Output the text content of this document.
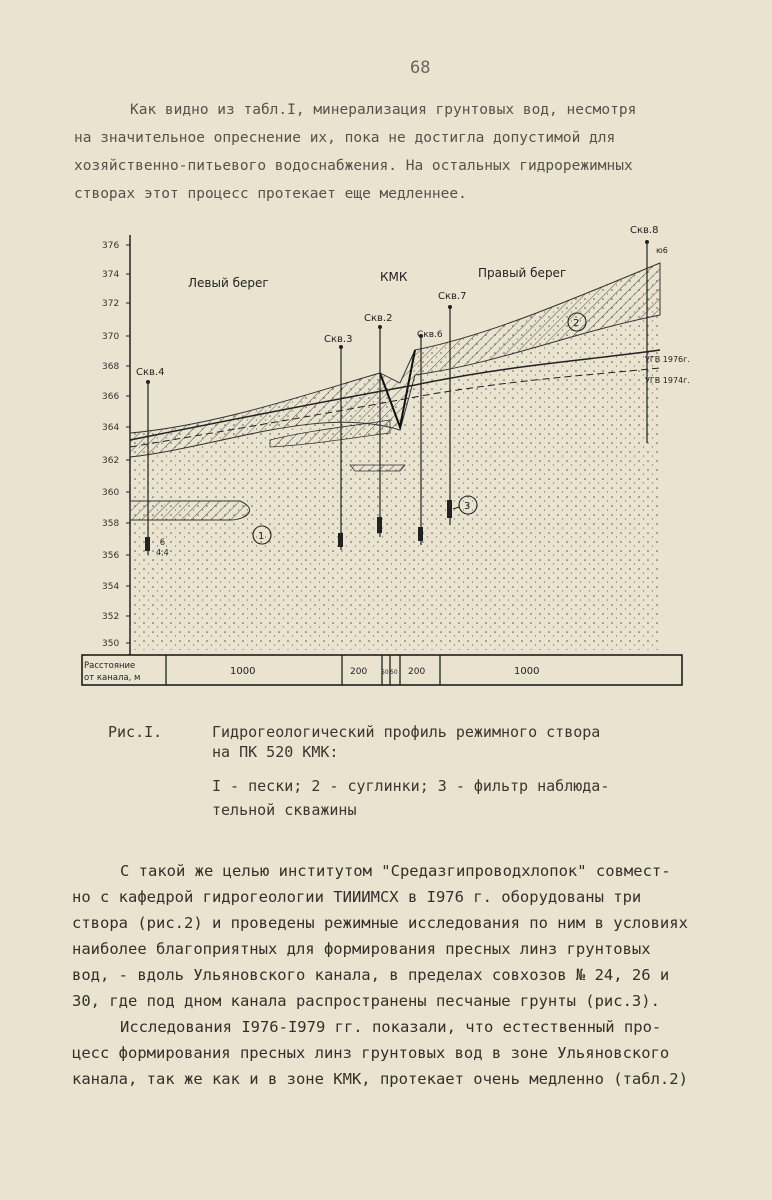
68
Как видно из табл.I, минерализация грунтовых вод, несмотря
на значительное опреснение их, пока не достигла допустимой для
хозяйственно-питьевого водоснабжения. На остальных гидрорежимных
створах этот процесс протекает еще медленнее.
376
374
372
370
368
366
364
362
360
358
356
354
352
350
Скв.4
б
4,4
Скв.3
Скв.2
Скв.6
Скв.7
Скв.8
ю6
Левый берег	КМК	Правый берег
УГВ 1976г.
УГВ 1974г.
1
2
3
Расстояние
от канала, м
1000	200 50 50 200	1000
Рис.I.	Гидрогеологический профиль режимного створа
на ПК 520 КМК:
I - пески; 2 - суглинки; 3 - фильтр наблюда-
тельной скважины
С такой же целью институтом "Средазгипроводхлопок" совмест-
но с кафедрой гидрогеологии ТИИИМСХ в I976 г. оборудованы три
створа (рис.2) и проведены режимные исследования по ним в условиях
наиболее благоприятных для формирования пресных линз грунтовых
вод, - вдоль Ульяновского канала, в пределах совхозов № 24, 26 и
30, где под дном канала распространены песчаные грунты (рис.3).
Исследования I976-I979 гг. показали, что естественный про-
цесс формирования пресных линз грунтовых вод в зоне Ульяновского
канала, так же как и в зоне КМК, протекает очень медленно (табл.2)
